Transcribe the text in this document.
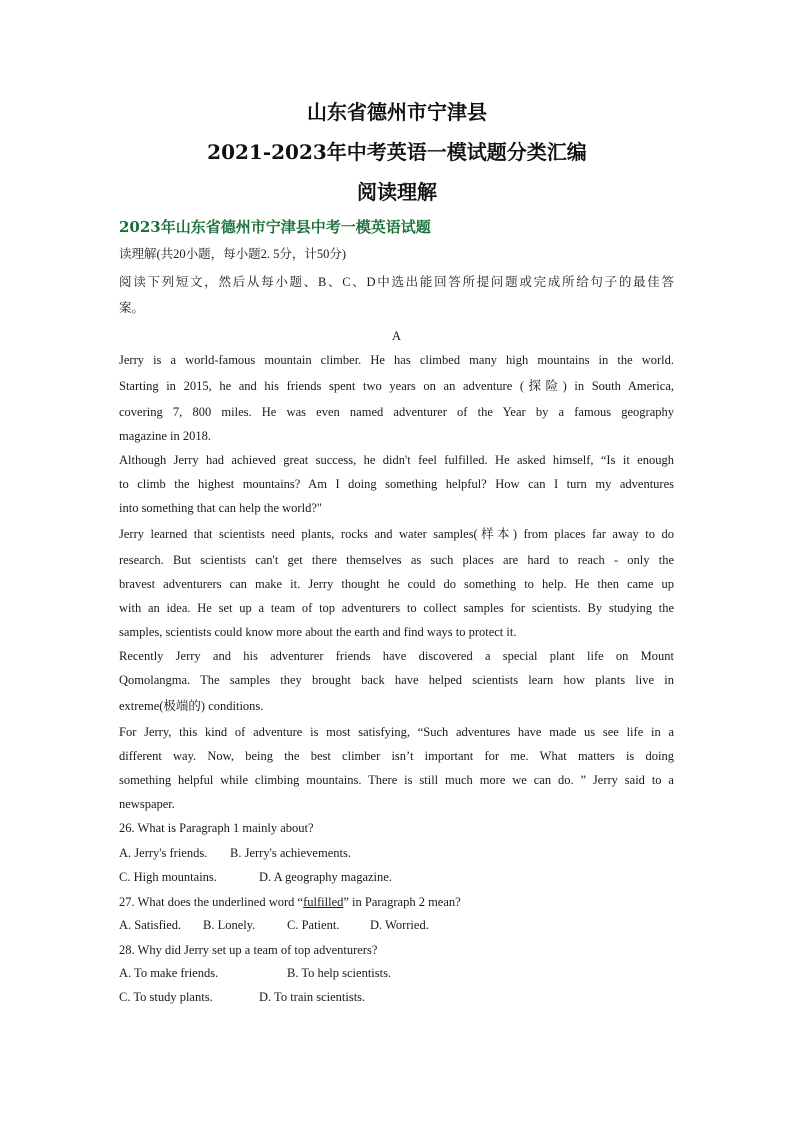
山东省德州市宁津县
2021-2023年中考英语一模试题分类汇编
阅读理解
2023年山东省德州市宁津县中考一模英语试题

读理解(共20小题，每小题2. 5分，计50分)

阅读下列短文，然后从每小题、B、C、D中选出能回答所提问题或完成所给句子的最佳答

案。

A

Jerry is a world-famous mountain climber. He has climbed many high mountains in the world.

Starting in 2015, he and his friends spent two years on an adventure (探险) in South America,

covering 7, 800 miles. He was even named adventurer of the Year by a famous geography

magazine in 2018.

Although Jerry had achieved great success, he didn't feel fulfilled. He asked himself, “Is it enough

to climb the highest mountains? Am I doing something helpful? How can I turn my adventures

into something that can help the world?"

Jerry learned that scientists need plants, rocks and water samples(样本) from places far away to do

research. But scientists can't get there themselves as such places are hard to reach - only the

bravest adventurers can make it. Jerry thought he could do something to help. He then came up

with an idea. He set up a team of top adventurers to collect samples for scientists. By studying the

samples, scientists could know more about the earth and find ways to protect it.

Recently Jerry and his adventurer friends have discovered a special plant life on Mount

Qomolangma. The samples they brought back have helped scientists learn how plants live in

extreme(极端的) conditions.

For Jerry, this kind of adventure is most satisfying, “Such adventures have made us see life in a

different way. Now, being the best climber isn’t important for me. What matters is doing

something helpful while climbing mountains. There is still much more we can do. ” Jerry said to a

newspaper.

26. What is Paragraph 1 mainly about?

A. Jerry's friends. B. Jerry's achievements.

C. High mountains.	D. A geography magazine.

27. What does the underlined word “fulfilled” in Paragraph 2 mean?

A. Satisfied. B. Lonely.	C. Patient. D. Worried.

28. Why did Jerry set up a team of top adventurers?

A. To make friends.	B. To help scientists.

C. To study plants.	D. To train scientists.
